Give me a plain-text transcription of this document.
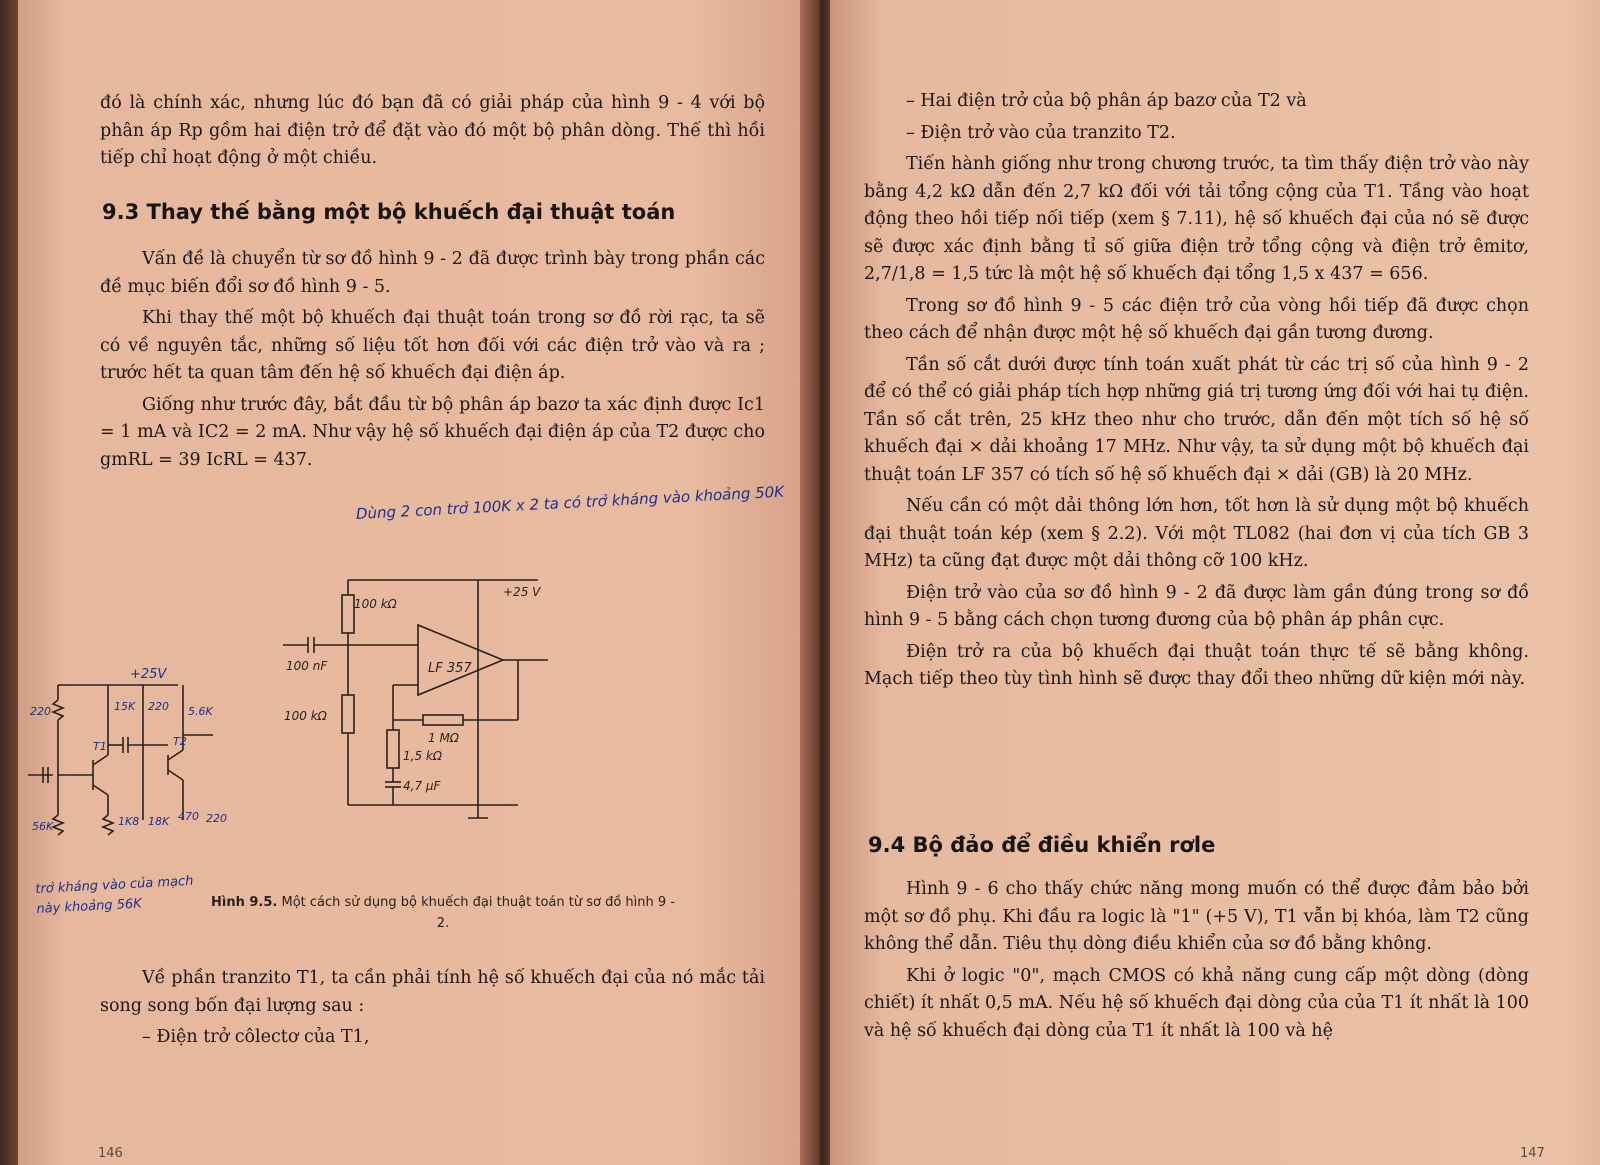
đó là chính xác, nhưng lúc đó bạn đã có giải pháp của hình 9 - 4 với bộ phân áp Rp gồm hai điện trở để đặt vào đó một bộ phân dòng. Thế thì hồi tiếp chỉ hoạt động ở một chiều.

9.3 Thay thế bằng một bộ khuếch đại thuật toán

Vấn đề là chuyển từ sơ đồ hình 9 - 2 đã được trình bày trong phần các đề mục biến đổi sơ đồ hình 9 - 5.

Khi thay thế một bộ khuếch đại thuật toán trong sơ đồ rời rạc, ta sẽ có về nguyên tắc, những số liệu tốt hơn đối với các điện trở vào và ra ; trước hết ta quan tâm đến hệ số khuếch đại điện áp.

Giống như trước đây, bắt đầu từ bộ phân áp bazơ ta xác định được Ic1 = 1 mA và IC2 = 2 mA. Như vậy hệ số khuếch đại điện áp của T2 được cho gmRL = 39 IcRL = 437.

Dùng 2 con trở 100K x 2 ta có trở kháng vào khoảng 50K
100 kΩ
100 kΩ
100 nF	LF 357
+25 V
1 MΩ
1,5 kΩ
4,7 µF
+25V
220	15K 220 5.6K
56K	1K8 18K 470 220
T1	T2
trở kháng vào của mạch này khoảng 56K	Hình 9.5. Một cách sử dụng bộ khuếch đại thuật toán từ sơ đồ hình 9 - 2.

Về phần tranzito T1, ta cần phải tính hệ số khuếch đại của nó mắc tải song song bốn đại lượng sau :

– Điện trở côlectơ của T1,

146

– Hai điện trở của bộ phân áp bazơ của T2 và

– Điện trở vào của tranzito T2.

Tiến hành giống như trong chương trước, ta tìm thấy điện trở vào này bằng 4,2 kΩ dẫn đến 2,7 kΩ đối với tải tổng cộng của T1. Tầng vào hoạt động theo hồi tiếp nối tiếp (xem § 7.11), hệ số khuếch đại của nó sẽ được sẽ được xác định bằng tỉ số giữa điện trở tổng cộng và điện trở êmitơ, 2,7/1,8 = 1,5 tức là một hệ số khuếch đại tổng 1,5 x 437 = 656.

Trong sơ đồ hình 9 - 5 các điện trở của vòng hồi tiếp đã được chọn theo cách để nhận được một hệ số khuếch đại gần tương đương.

Tần số cắt dưới được tính toán xuất phát từ các trị số của hình 9 - 2 để có thể có giải pháp tích hợp những giá trị tương ứng đối với hai tụ điện. Tần số cắt trên, 25 kHz theo như cho trước, dẫn đến một tích số hệ số khuếch đại × dải khoảng 17 MHz. Như vậy, ta sử dụng một bộ khuếch đại thuật toán LF 357 có tích số hệ số khuếch đại × dải (GB) là 20 MHz.

Nếu cần có một dải thông lớn hơn, tốt hơn là sử dụng một bộ khuếch đại thuật toán kép (xem § 2.2). Với một TL082 (hai đơn vị của tích GB 3 MHz) ta cũng đạt được một dải thông cỡ 100 kHz.

Điện trở vào của sơ đồ hình 9 - 2 đã được làm gần đúng trong sơ đồ hình 9 - 5 bằng cách chọn tương đương của bộ phân áp phân cực.

Điện trở ra của bộ khuếch đại thuật toán thực tế sẽ bằng không. Mạch tiếp theo tùy tình hình sẽ được thay đổi theo những dữ kiện mới này.

9.4 Bộ đảo để điều khiển rơle

Hình 9 - 6 cho thấy chức năng mong muốn có thể được đảm bảo bởi một sơ đồ phụ. Khi đầu ra logic là "1" (+5 V), T1 vẫn bị khóa, làm T2 cũng không thể dẫn. Tiêu thụ dòng điều khiển của sơ đồ bằng không.

Khi ở logic "0", mạch CMOS có khả năng cung cấp một dòng (dòng chiết) ít nhất 0,5 mA. Nếu hệ số khuếch đại dòng của của T1 ít nhất là 100 và hệ số khuếch đại dòng của T1 ít nhất là 100 và hệ

147
